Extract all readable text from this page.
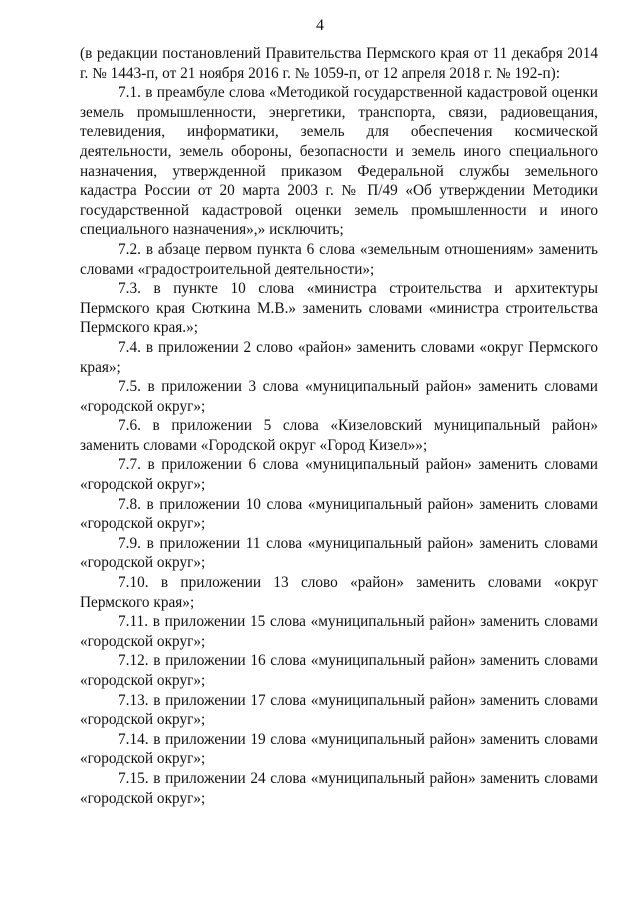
4

(в редакции постановлений Правительства Пермского края от 11 декабря 2014 г. № 1443-п, от 21 ноября 2016 г. № 1059-п, от 12 апреля 2018 г. № 192-п):

7.1. в преамбуле слова «Методикой государственной кадастровой оценки земель промышленности, энергетики, транспорта, связи, радиовещания, телевидения, информатики, земель для обеспечения космической деятельности, земель обороны, безопасности и земель иного специального назначения, утвержденной приказом Федеральной службы земельного кадастра России от 20 марта 2003 г. № П/49 «Об утверждении Методики государственной кадастровой оценки земель промышленности и иного специального назначения»,» исключить;

7.2. в абзаце первом пункта 6 слова «земельным отношениям» заменить словами «градостроительной деятельности»;

7.3. в пункте 10 слова «министра строительства и архитектуры Пермского края Сюткина М.В.» заменить словами «министра строительства Пермского края.»;

7.4. в приложении 2 слово «район» заменить словами «округ Пермского края»;

7.5. в приложении 3 слова «муниципальный район» заменить словами «городской округ»;

7.6. в приложении 5 слова «Кизеловский муниципальный район» заменить словами «Городской округ «Город Кизел»»;

7.7. в приложении 6 слова «муниципальный район» заменить словами «городской округ»;

7.8. в приложении 10 слова «муниципальный район» заменить словами «городской округ»;

7.9. в приложении 11 слова «муниципальный район» заменить словами «городской округ»;

7.10. в приложении 13 слово «район» заменить словами «округ Пермского края»;

7.11. в приложении 15 слова «муниципальный район» заменить словами «городской округ»;

7.12. в приложении 16 слова «муниципальный район» заменить словами «городской округ»;

7.13. в приложении 17 слова «муниципальный район» заменить словами «городской округ»;

7.14. в приложении 19 слова «муниципальный район» заменить словами «городской округ»;

7.15. в приложении 24 слова «муниципальный район» заменить словами «городской округ»;
